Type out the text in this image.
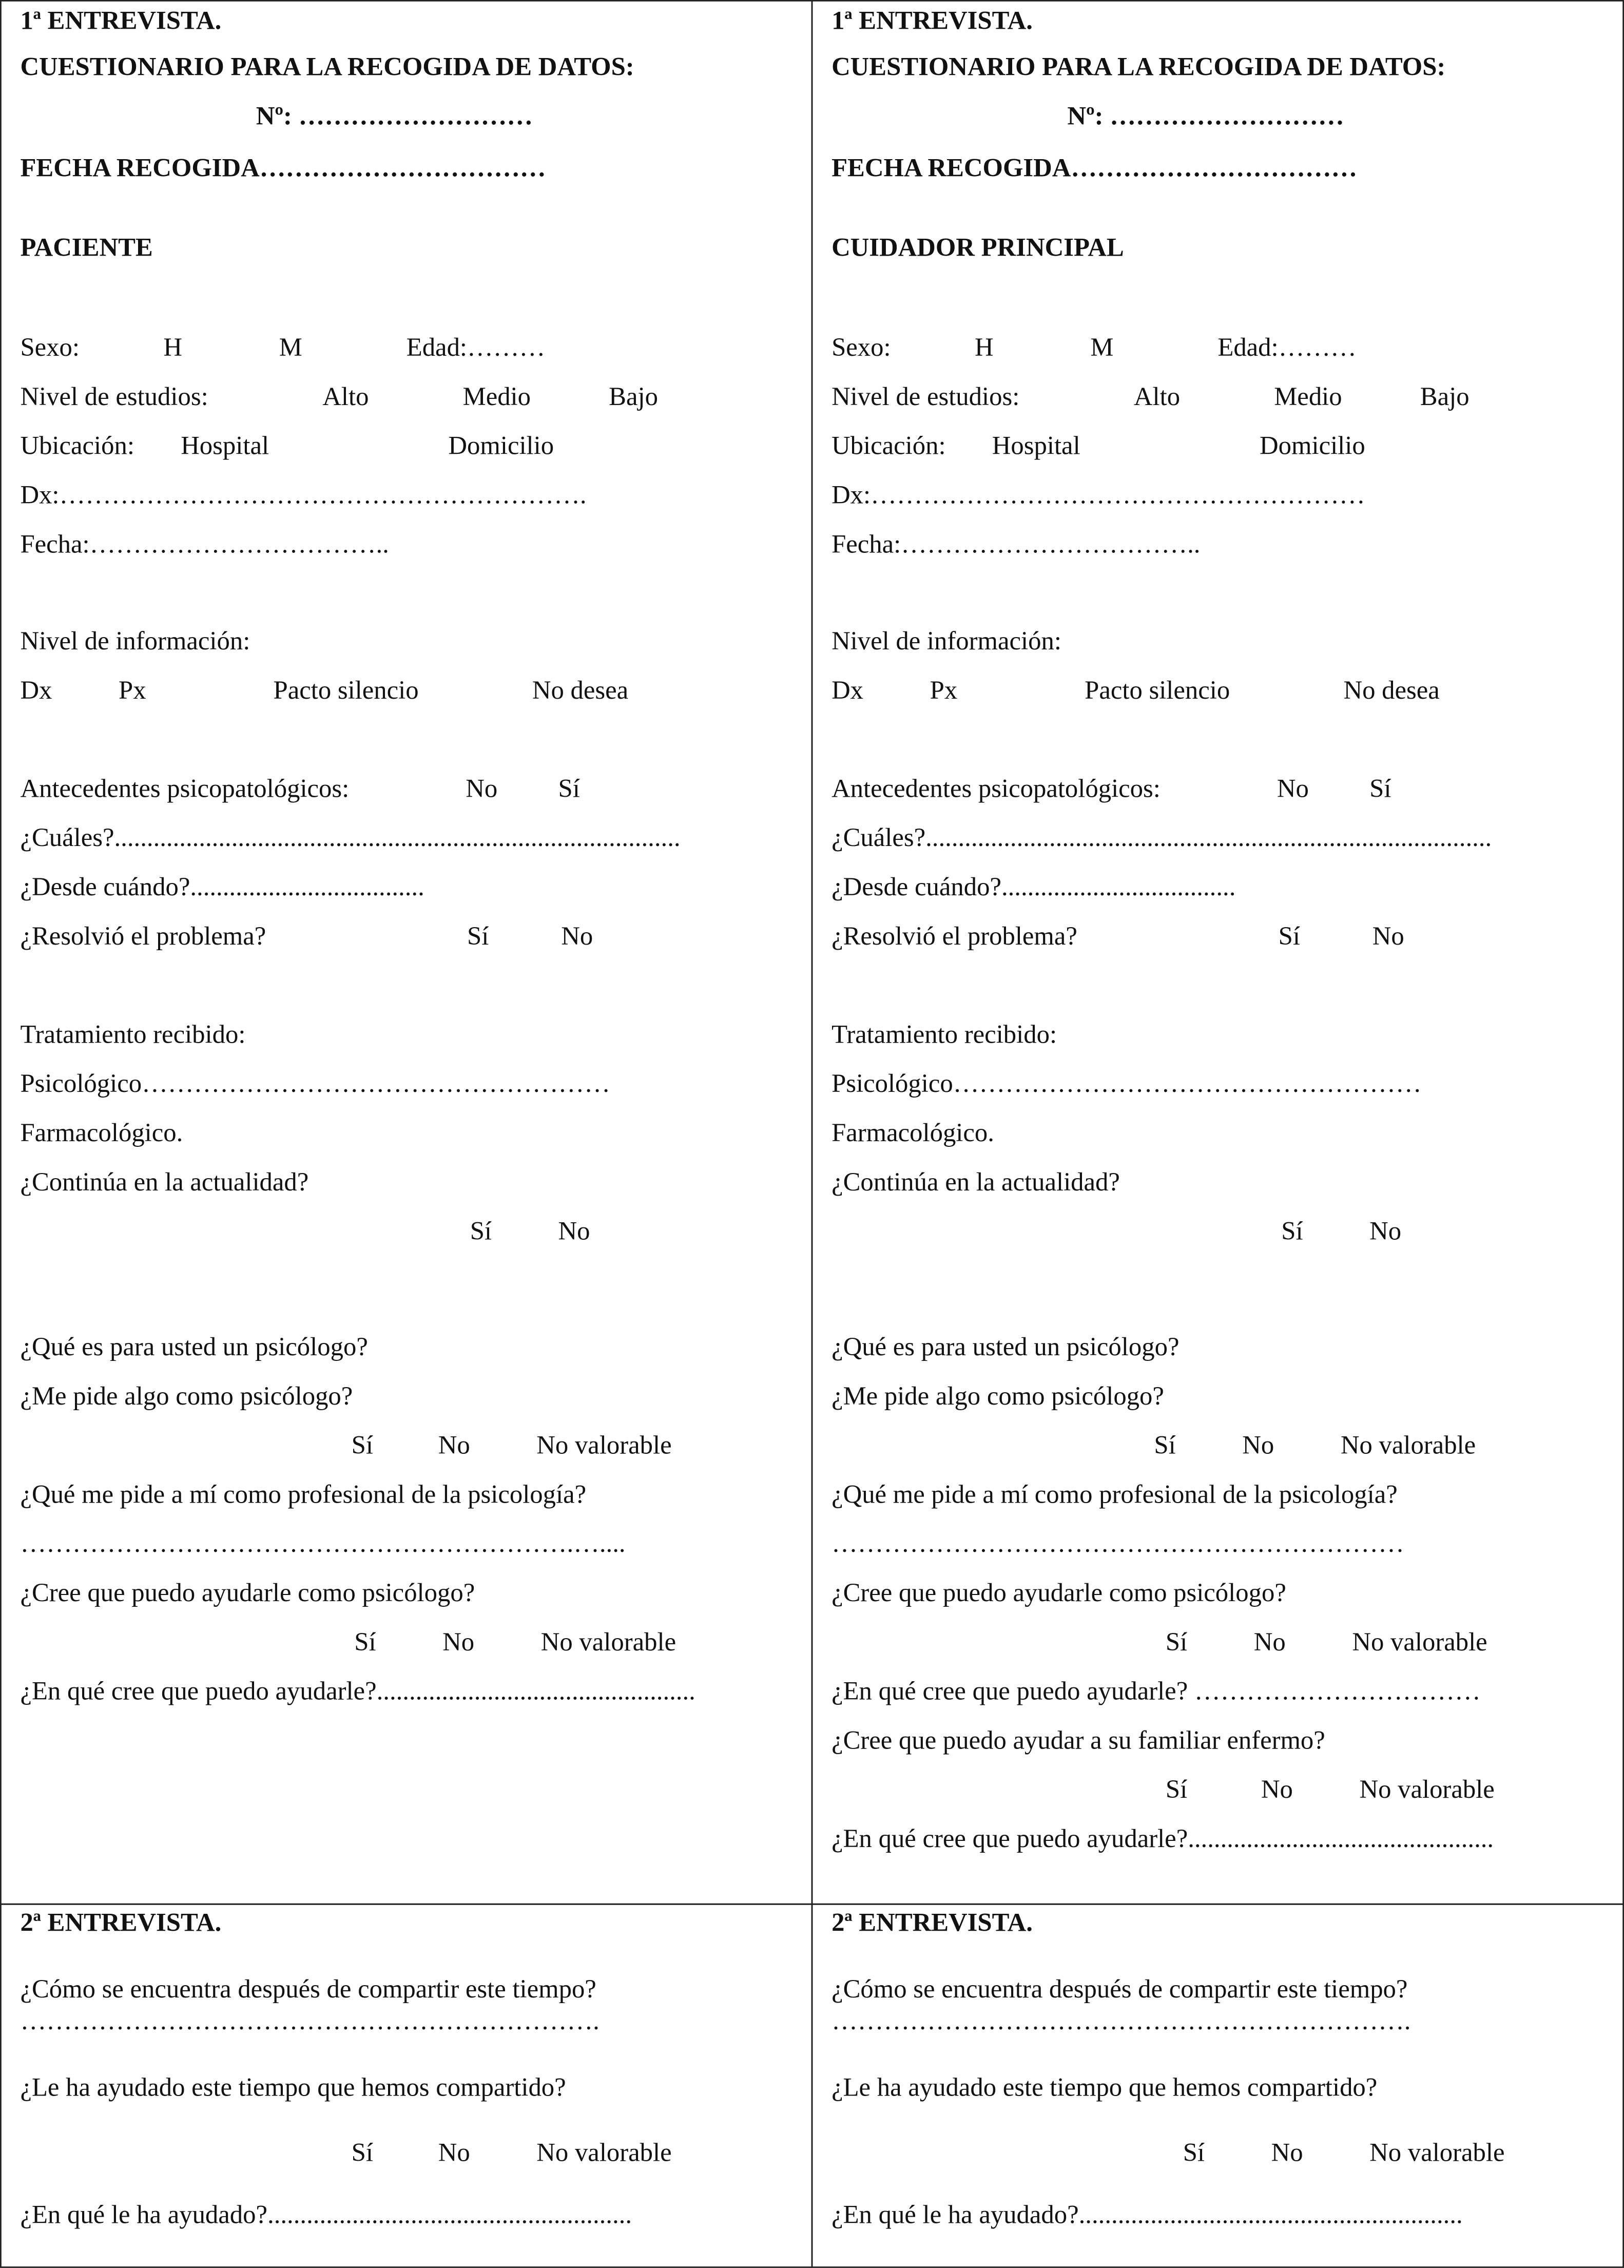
1ª ENTREVISTA.
CUESTIONARIO PARA LA RECOGIDA DE DATOS:
Nº: ………………………
FECHA RECOGIDA……………………………
PACIENTE
Sexo:	H	M	Edad:………
Nivel de estudios:	Alto	Medio	Bajo
Ubicación:	Hospital	Domicilio
Dx:…………………………………………………….
Fecha:……………………………..
Nivel de información:
Dx	Px	Pacto silencio	No desea
Antecedentes psicopatológicos:	No	Sí
¿Cuáles?.......................................................................................
¿Desde cuándo?....................................
¿Resolvió el problema?	Sí	No
Tratamiento recibido:
Psicológico………………………………………………
Farmacológico.
¿Continúa en la actualidad?
Sí	No
¿Qué es para usted un psicólogo?
¿Me pide algo como psicólogo?
Sí	No	No valorable
¿Qué me pide a mí como profesional de la psicología?
……………………………………………………….…....
¿Cree que puedo ayudarle como psicólogo?
Sí	No	No valorable
¿En qué cree que puedo ayudarle?.................................................
1ª ENTREVISTA.
CUESTIONARIO PARA LA RECOGIDA DE DATOS:
Nº: ………………………
FECHA RECOGIDA……………………………
CUIDADOR PRINCIPAL
Sexo:	H	M	Edad:………
Nivel de estudios:	Alto	Medio	Bajo
Ubicación:	Hospital	Domicilio
Dx:…………………………………………………
Fecha:……………………………..
Nivel de información:
Dx	Px	Pacto silencio	No desea
Antecedentes psicopatológicos:	No	Sí
¿Cuáles?.......................................................................................
¿Desde cuándo?....................................
¿Resolvió el problema?	Sí	No
Tratamiento recibido:
Psicológico………………………………………………
Farmacológico.
¿Continúa en la actualidad?
Sí	No
¿Qué es para usted un psicólogo?
¿Me pide algo como psicólogo?
Sí	No	No valorable
¿Qué me pide a mí como profesional de la psicología?
…………………………………………………………
¿Cree que puedo ayudarle como psicólogo?
Sí	No	No valorable
¿En qué cree que puedo ayudarle? ……………………………
¿Cree que puedo ayudar a su familiar enfermo?
Sí	No	No valorable
¿En qué cree que puedo ayudarle?...............................................
2ª ENTREVISTA.
¿Cómo se encuentra después de compartir este tiempo?
………………………………………………………….
¿Le ha ayudado este tiempo que hemos compartido?
Sí	No	No valorable
¿En qué le ha ayudado?........................................................
2ª ENTREVISTA.
¿Cómo se encuentra después de compartir este tiempo?
………………………………………………………….
¿Le ha ayudado este tiempo que hemos compartido?
Sí	No	No valorable
¿En qué le ha ayudado?...........................................................
